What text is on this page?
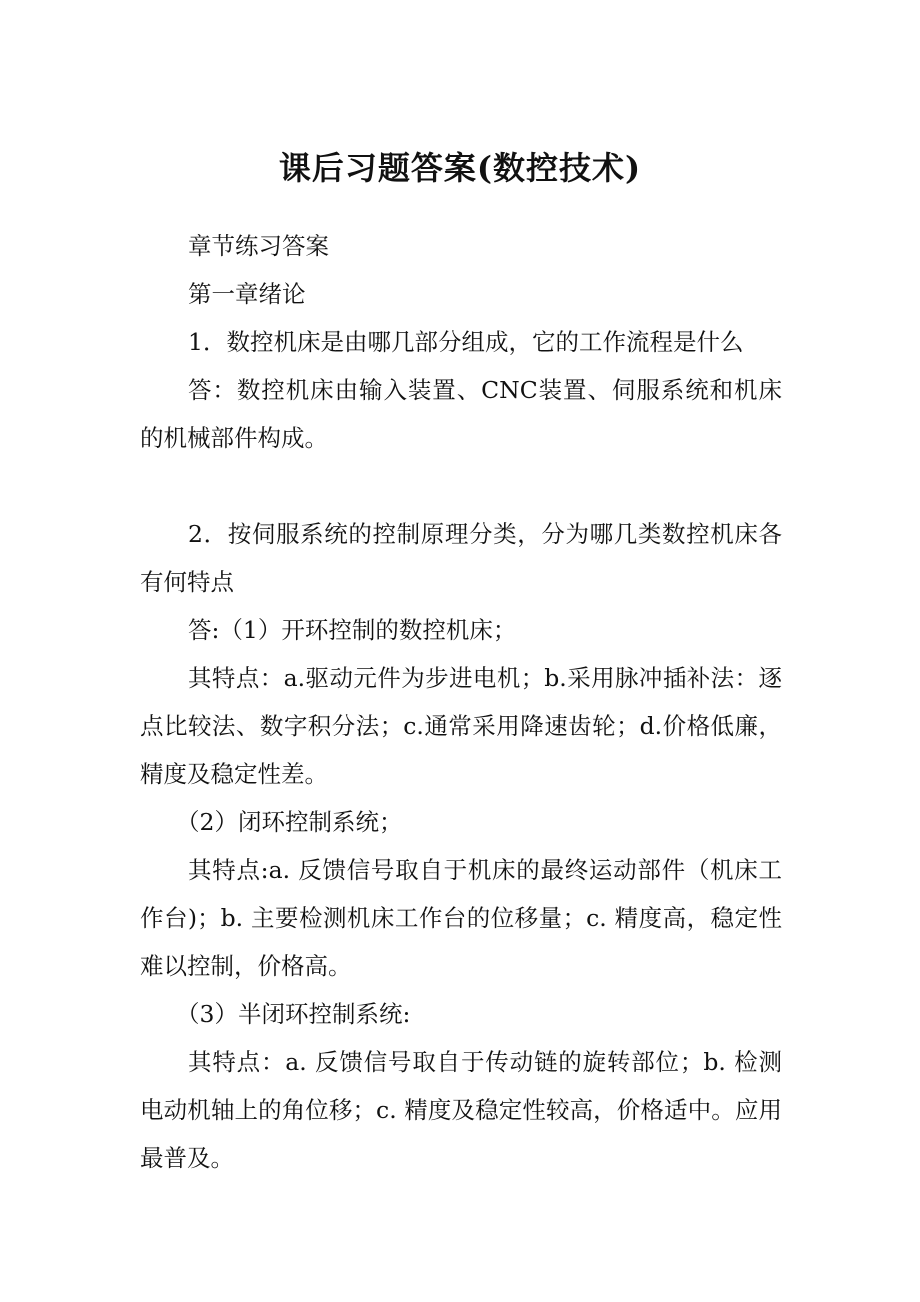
课后习题答案(数控技术)

章节练习答案

第一章绪论

1．数控机床是由哪几部分组成，它的工作流程是什么

答：数控机床由输入装置、CNC装置、伺服系统和机床的机械部件构成。

2．按伺服系统的控制原理分类，分为哪几类数控机床各有何特点

答:（1）开环控制的数控机床；

其特点：a.驱动元件为步进电机；b.采用脉冲插补法：逐点比较法、数字积分法；c.通常采用降速齿轮；d.价格低廉，精度及稳定性差。

（2）闭环控制系统；

其特点:a. 反馈信号取自于机床的最终运动部件（机床工作台)；b. 主要检测机床工作台的位移量；c. 精度高，稳定性难以控制，价格高。

（3）半闭环控制系统:

其特点：a. 反馈信号取自于传动链的旋转部位；b. 检测电动机轴上的角位移；c. 精度及稳定性较高，价格适中。应用最普及。
